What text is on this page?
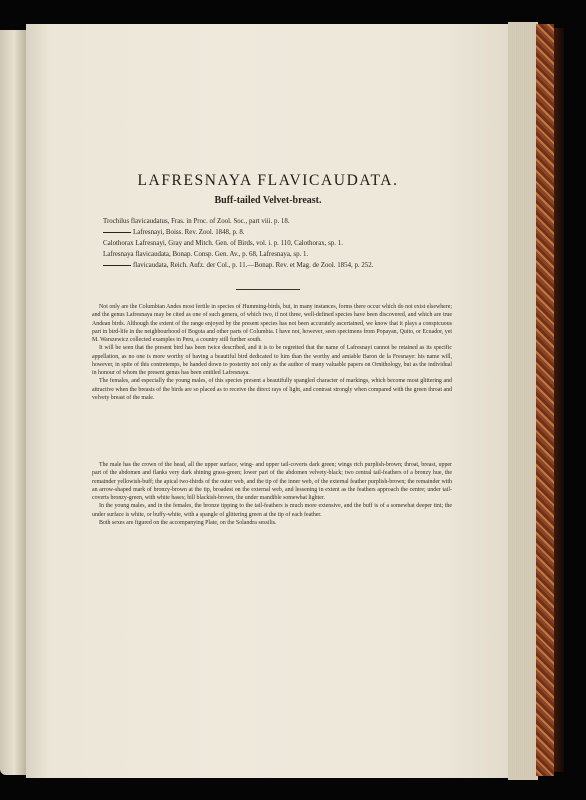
LAFRESNAYA FLAVICAUDATA.
Buff-tailed Velvet-breast.
Trochilus flavicaudatus, Fras. in Proc. of Zool. Soc., part viii. p. 18.
Lafresnayi, Boiss. Rev. Zool. 1848, p. 8.
Calothorax Lafresnayi, Gray and Mitch. Gen. of Birds, vol. i. p. 110, Calothorax, sp. 1.
Lafresnaya flavicaudata, Bonap. Consp. Gen. Av., p. 68, Lafresnaya, sp. 1.
flavicaudata, Reich. Aufz. der Col., p. 11.—Bonap. Rev. et Mag. de Zool. 1854, p. 252.

Not only are the Columbian Andes most fertile in species of Humming-birds, but, in many instances, forms there occur which do not exist elsewhere; and the genus Lafresnaya may be cited as one of such genera, of which two, if not three, well-defined species have been discovered, and which are true Andean birds. Although the extent of the range enjoyed by the present species has not been accurately ascertained, we know that it plays a conspicuous part in bird-life in the neighbourhood of Bogota and other parts of Columbia. I have not, however, seen specimens from Popayan, Quito, or Ecuador, yet M. Warszewicz collected examples in Peru, a country still further south.

It will be seen that the present bird has been twice described, and it is to be regretted that the name of Lafresnayi cannot be retained as its specific appellation, as no one is more worthy of having a beautiful bird dedicated to him than the worthy and amiable Baron de la Fresnaye: his name will, however, in spite of this contretemps, be handed down to posterity not only as the author of many valuable papers on Ornithology, but as the individual in honour of whom the present genus has been entitled Lafresnaya.

The females, and especially the young males, of this species present a beautifully spangled character of markings, which become most glittering and attractive when the breasts of the birds are so placed as to receive the direct rays of light, and contrast strongly when compared with the green throat and velvety breast of the male.

The male has the crown of the head, all the upper surface, wing- and upper tail-coverts dark green; wings rich purplish-brown; throat, breast, upper part of the abdomen and flanks very dark shining grass-green; lower part of the abdomen velvety-black; two central tail-feathers of a bronzy hue, the remainder yellowish-buff; the apical two-thirds of the outer web, and the tip of the inner web, of the external feather purplish-brown; the remainder with an arrow-shaped mark of bronzy-brown at the tip, broadest on the external web, and lessening in extent as the feathers approach the centre; under tail-coverts bronzy-green, with white bases; bill blackish-brown, the under mandible somewhat lighter.

In the young males, and in the females, the bronze tipping to the tail-feathers is much more extensive, and the buff is of a somewhat deeper tint; the under surface is white, or buffy-white, with a spangle of glittering green at the tip of each feather.

Both sexes are figured on the accompanying Plate, on the Solandra sessilis.
